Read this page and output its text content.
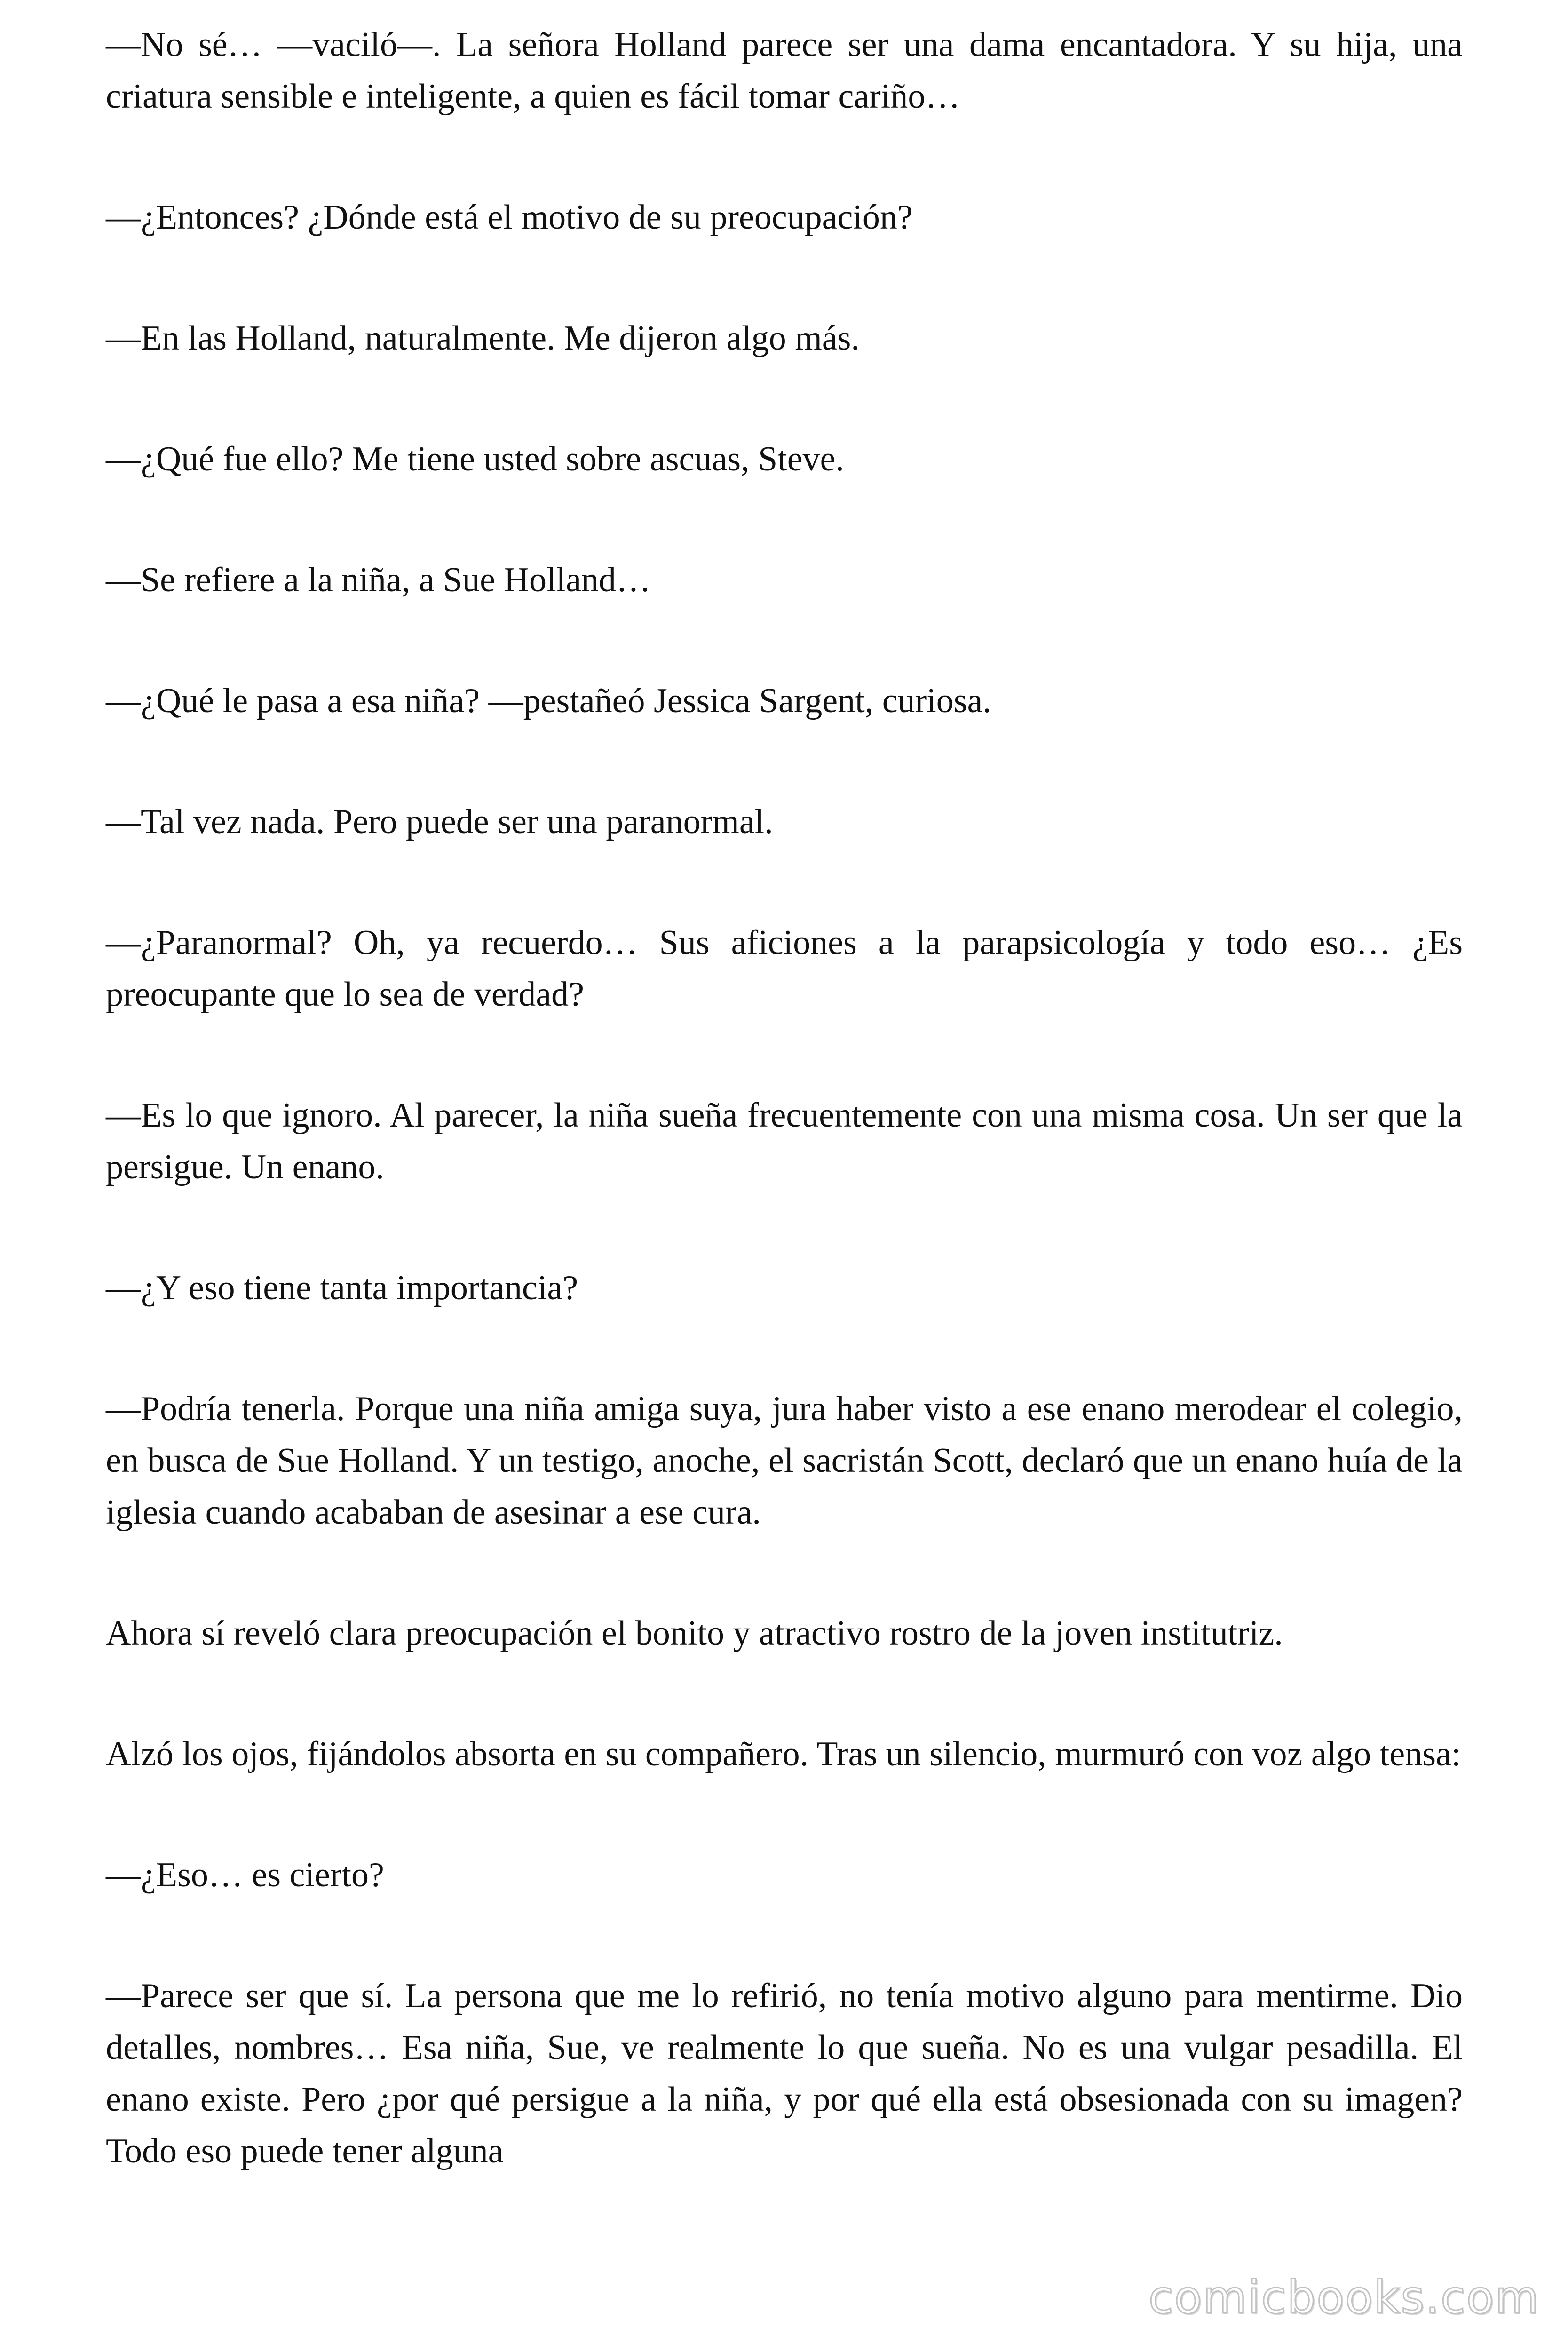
—No sé… —vaciló—. La señora Holland parece ser una dama encantadora. Y su hija, una criatura sensible e inteligente, a quien es fácil tomar cariño…

—¿Entonces? ¿Dónde está el motivo de su preocupación?

—En las Holland, naturalmente. Me dijeron algo más.

—¿Qué fue ello? Me tiene usted sobre ascuas, Steve.

—Se refiere a la niña, a Sue Holland…

—¿Qué le pasa a esa niña? —pestañeó Jessica Sargent, curiosa.

—Tal vez nada. Pero puede ser una paranormal.

—¿Paranormal? Oh, ya recuerdo… Sus aficiones a la parapsicología y todo eso… ¿Es preocupante que lo sea de verdad?

—Es lo que ignoro. Al parecer, la niña sueña frecuentemente con una misma cosa. Un ser que la persigue. Un enano.

—¿Y eso tiene tanta importancia?

—Podría tenerla. Porque una niña amiga suya, jura haber visto a ese enano merodear el colegio, en busca de Sue Holland. Y un testigo, anoche, el sacristán Scott, declaró que un enano huía de la iglesia cuando acababan de asesinar a ese cura.

Ahora sí reveló clara preocupación el bonito y atractivo rostro de la joven institutriz.

Alzó los ojos, fijándolos absorta en su compañero. Tras un silencio, murmuró con voz algo tensa:

—¿Eso… es cierto?

—Parece ser que sí. La persona que me lo refirió, no tenía motivo alguno para mentirme. Dio detalles, nombres… Esa niña, Sue, ve realmente lo que sueña. No es una vulgar pesadilla. El enano existe. Pero ¿por qué persigue a la niña, y por qué ella está obsesionada con su imagen? Todo eso puede tener alguna

comicbooks.com
